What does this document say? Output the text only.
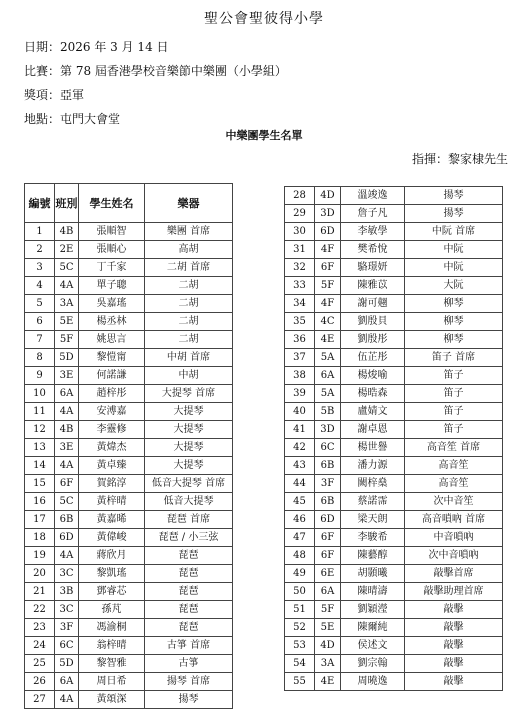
聖公會聖彼得小學
日期：2026 年 3 月 14 日
比賽：第 78 屆香港學校音樂節中樂團（小學組）
獎項：亞軍
地點：屯門大會堂
中樂團學生名單
指揮：黎家棣先生
編號	班別	學生姓名	樂器
1	4B	張順智	樂團 首席
2	2E	張順心	高胡
3	5C	丁千家	二胡 首席
4	4A	單子聰	二胡
5	3A	吳嘉瑤	二胡
6	5E	楊丞林	二胡
7	5F	姚思言	二胡
8	5D	黎愷甯	中胡 首席
9	3E	何諾謙	中胡
10	6A	趙梓彤	大提琴 首席
11	4A	安溥嘉	大提琴
12	4B	李靈修	大提琴
13	3E	黃煒杰	大提琴
14	4A	黃卓臻	大提琴
15	6F	賀銘淳	低音大提琴 首席
16	5C	黃梓晴	低音大提琴
17	6B	黃嘉晞	琵琶 首席
18	6D	黃偉峻	琵琶 / 小三弦
19	4A	蔣欣月	琵琶
20	3C	黎凱瑤	琵琶
21	3B	鄧睿芯	琵琶
22	3C	孫芃	琵琶
23	3F	馮渝桐	琵琶
24	6C	翁梓晴	古箏 首席
25	5D	黎智雅	古箏
26	6A	周日希	揚琴 首席
27	4A	黃頌深	揚琴
28	4D	溫竣逸	揚琴
29	3D	詹子凡	揚琴
30	6D	李敏學	中阮 首席
31	4F	樊希悅	中阮
32	6F	駱璟妍	中阮
33	5F	陳雅苡	大阮
34	4F	謝可翹	柳琴
35	4C	劉殷貝	柳琴
36	4E	劉殷彤	柳琴
37	5A	伍芷彤	笛子 首席
38	6A	楊焌喻	笛子
39	5A	楊晧森	笛子
40	5B	盧婧文	笛子
41	3D	謝卓恩	笛子
42	6C	楊世譽	高音笙 首席
43	6B	潘力源	高音笙
44	3F	闕梓燊	高音笙
45	6B	蔡諾霈	次中音笙
46	6D	梁天朗	高音嗩吶 首席
47	6F	李駿希	中音嗩吶
48	6F	陳藝醇	次中音嗩吶
49	6E	胡顥曦	敲擊首席
50	6A	陳晴濤	敲擊助理首席
51	5F	劉穎瀅	敲擊
52	5E	陳爾純	敲擊
53	4D	侯述文	敲擊
54	3A	劉宗翰	敲擊
55	4E	周曉逸	敲擊
